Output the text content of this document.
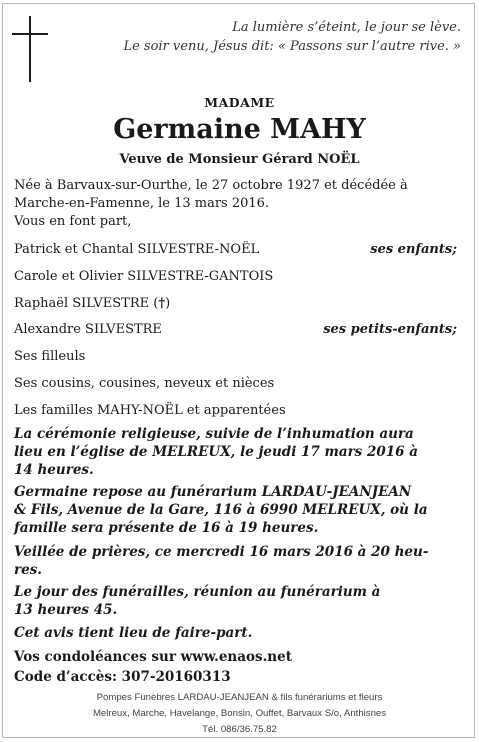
La lumière s’éteint, le jour se lève.
Le soir venu, Jésus dit: « Passons sur l’autre rive. »
MADAME
Germaine MAHY
Veuve de Monsieur Gérard NOËL
Née à Barvaux-sur-Ourthe, le 27 octobre 1927 et décédée à
Marche-en-Famenne, le 13 mars 2016.
Vous en font part,
Patrick et Chantal SILVESTRE-NOËL	ses enfants;
Carole et Olivier SILVESTRE-GANTOIS
Raphaël SILVESTRE (†)
Alexandre SILVESTRE	ses petits-enfants;
Ses filleuls
Ses cousins, cousines, neveux et nièces
Les familles MAHY-NOËL et apparentées
La cérémonie religieuse, suivie de l’inhumation aura
lieu en l’église de MELREUX, le jeudi 17 mars 2016 à
14 heures.
Germaine repose au funérarium LARDAU-JEANJEAN
& Fils, Avenue de la Gare, 116 à 6990 MELREUX, où la
famille sera présente de 16 à 19 heures.
Veillée de prières, ce mercredi 16 mars 2016 à 20 heu-
res.
Le jour des funérailles, réunion au funérarium à
13 heures 45.
Cet avis tient lieu de faire-part.
Vos condoléances sur www.enaos.net
Code d’accès: 307-20160313
Pompes Funèbres LARDAU-JEANJEAN & fils funérariums et fleurs
Melreux, Marche, Havelange, Bonsin, Ouffet, Barvaux S/o, Anthisnes
Tél. 086/36.75.82
